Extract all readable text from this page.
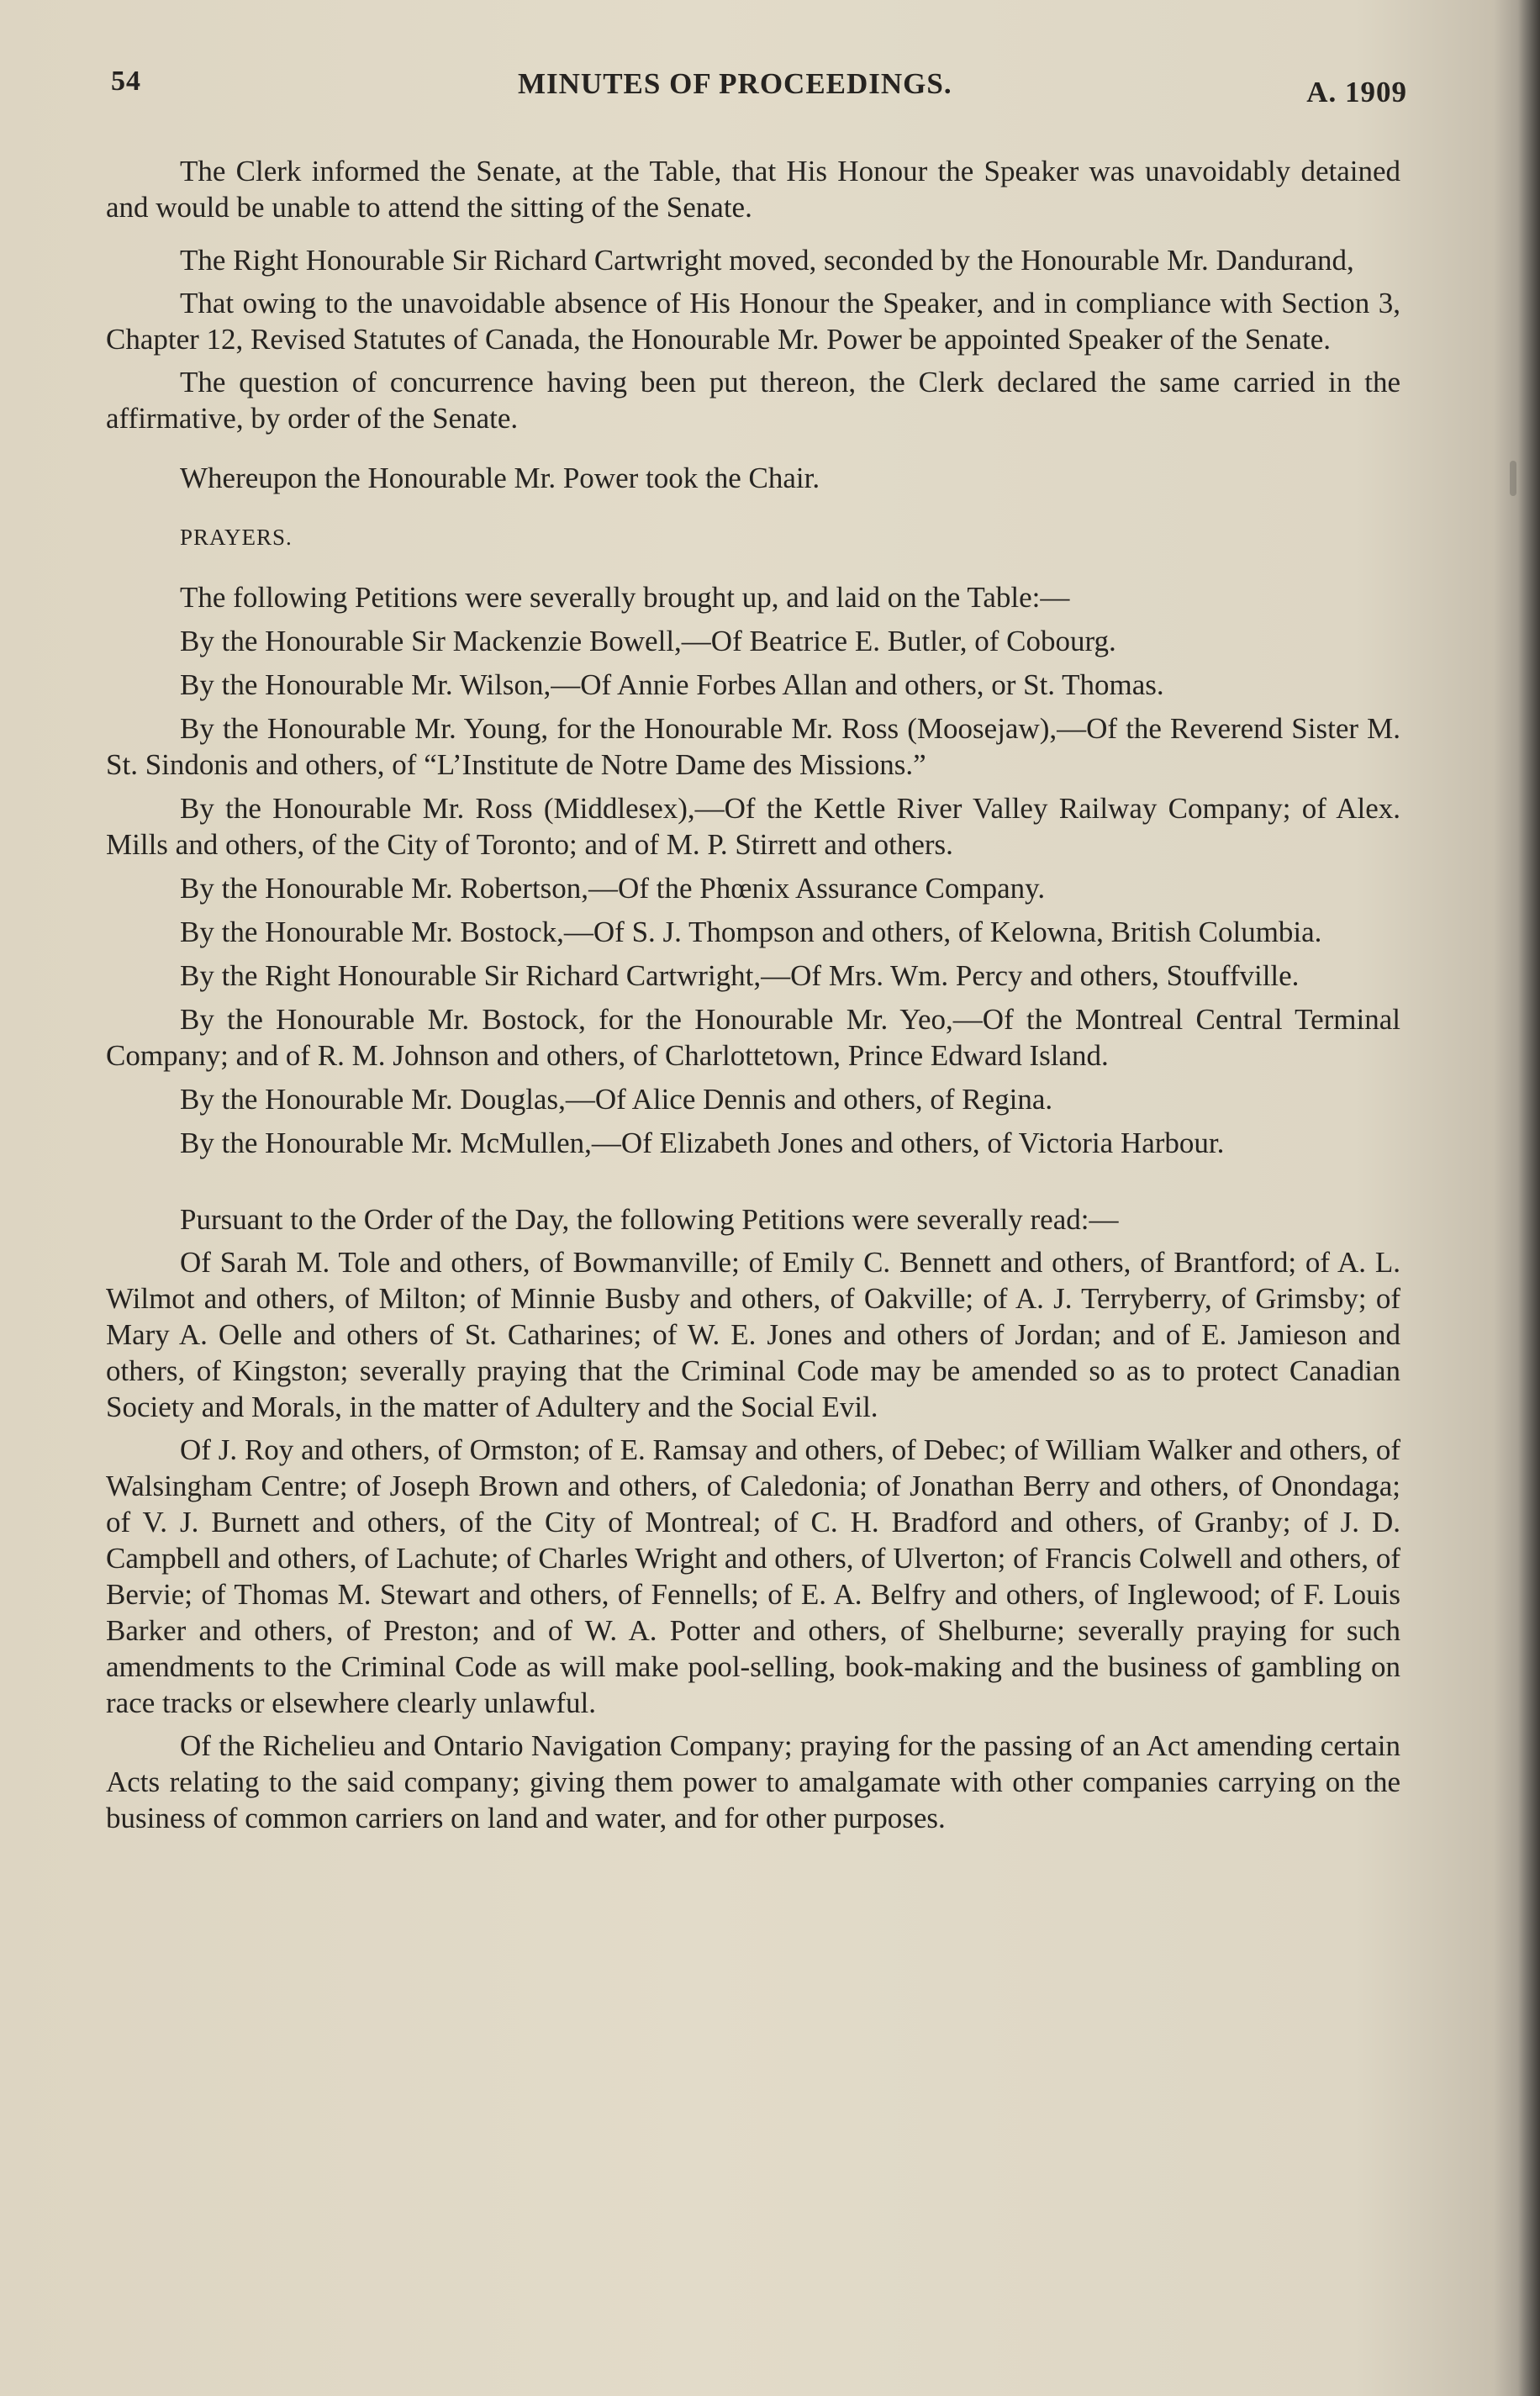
54	MINUTES OF PROCEEDINGS.	A. 1909

The Clerk informed the Senate, at the Table, that His Honour the Speaker was unavoidably detained and would be unable to attend the sitting of the Senate.

The Right Honourable Sir Richard Cartwright moved, seconded by the Honourable Mr. Dandurand,

That owing to the unavoidable absence of His Honour the Speaker, and in compliance with Section 3, Chapter 12, Revised Statutes of Canada, the Honourable Mr. Power be appointed Speaker of the Senate.

The question of concurrence having been put thereon, the Clerk declared the same carried in the affirmative, by order of the Senate.

Whereupon the Honourable Mr. Power took the Chair.

PRAYERS.

The following Petitions were severally brought up, and laid on the Table:—

By the Honourable Sir Mackenzie Bowell,—Of Beatrice E. Butler, of Cobourg.

By the Honourable Mr. Wilson,—Of Annie Forbes Allan and others, or St. Thomas.

By the Honourable Mr. Young, for the Honourable Mr. Ross (Moosejaw),—Of the Reverend Sister M. St. Sindonis and others, of “L’Institute de Notre Dame des Missions.”

By the Honourable Mr. Ross (Middlesex),—Of the Kettle River Valley Railway Company; of Alex. Mills and others, of the City of Toronto; and of M. P. Stirrett and others.

By the Honourable Mr. Robertson,—Of the Phœnix Assurance Company.

By the Honourable Mr. Bostock,—Of S. J. Thompson and others, of Kelowna, British Columbia.

By the Right Honourable Sir Richard Cartwright,—Of Mrs. Wm. Percy and others, Stouffville.

By the Honourable Mr. Bostock, for the Honourable Mr. Yeo,—Of the Montreal Central Terminal Company; and of R. M. Johnson and others, of Charlottetown, Prince Edward Island.

By the Honourable Mr. Douglas,—Of Alice Dennis and others, of Regina.

By the Honourable Mr. McMullen,—Of Elizabeth Jones and others, of Victoria Harbour.

Pursuant to the Order of the Day, the following Petitions were severally read:—

Of Sarah M. Tole and others, of Bowmanville; of Emily C. Bennett and others, of Brantford; of A. L. Wilmot and others, of Milton; of Minnie Busby and others, of Oakville; of A. J. Terryberry, of Grimsby; of Mary A. Oelle and others of St. Catharines; of W. E. Jones and others of Jordan; and of E. Jamieson and others, of Kingston; severally praying that the Criminal Code may be amended so as to protect Canadian Society and Morals, in the matter of Adultery and the Social Evil.

Of J. Roy and others, of Ormston; of E. Ramsay and others, of Debec; of William Walker and others, of Walsingham Centre; of Joseph Brown and others, of Caledonia; of Jonathan Berry and others, of Onondaga; of V. J. Burnett and others, of the City of Montreal; of C. H. Bradford and others, of Granby; of J. D. Campbell and others, of Lachute; of Charles Wright and others, of Ulverton; of Francis Colwell and others, of Bervie; of Thomas M. Stewart and others, of Fennells; of E. A. Belfry and others, of Inglewood; of F. Louis Barker and others, of Preston; and of W. A. Potter and others, of Shelburne; severally praying for such amendments to the Criminal Code as will make pool-selling, book-making and the business of gambling on race tracks or elsewhere clearly unlawful.

Of the Richelieu and Ontario Navigation Company; praying for the passing of an Act amending certain Acts relating to the said company; giving them power to amalgamate with other companies carrying on the business of common carriers on land and water, and for other purposes.
